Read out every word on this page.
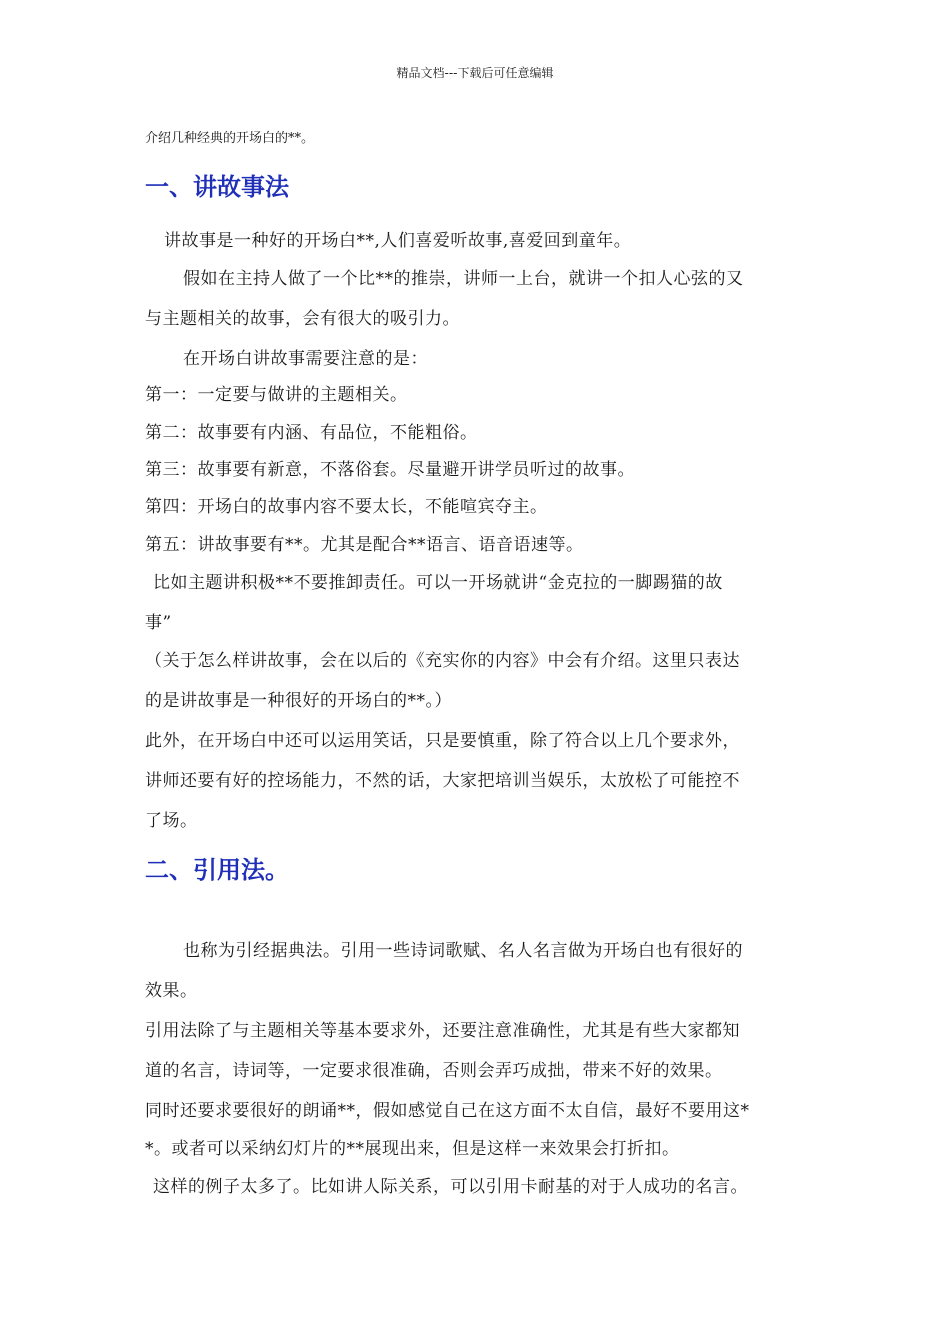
精品文档---下载后可任意编辑
介绍几种经典的开场白的**。
一、讲故事法
讲故事是一种好的开场白**,人们喜爱听故事,喜爱回到童年。
假如在主持人做了一个比**的推崇，讲师一上台，就讲一个扣人心弦的又
与主题相关的故事，会有很大的吸引力。
在开场白讲故事需要注意的是：
第一：一定要与做讲的主题相关。
第二：故事要有内涵、有品位，不能粗俗。
第三：故事要有新意，不落俗套。尽量避开讲学员听过的故事。
第四：开场白的故事内容不要太长，不能喧宾夺主。
第五：讲故事要有**。尤其是配合**语言、语音语速等。
比如主题讲积极**不要推卸责任。可以一开场就讲“金克拉的一脚踢猫的故
事”
（关于怎么样讲故事，会在以后的《充实你的内容》中会有介绍。这里只表达
的是讲故事是一种很好的开场白的**。）
此外，在开场白中还可以运用笑话，只是要慎重，除了符合以上几个要求外，
讲师还要有好的控场能力，不然的话，大家把培训当娱乐，太放松了可能控不
了场。
二、引用法。
也称为引经据典法。引用一些诗词歌赋、名人名言做为开场白也有很好的
效果。
引用法除了与主题相关等基本要求外，还要注意准确性，尤其是有些大家都知
道的名言，诗词等，一定要求很准确，否则会弄巧成拙，带来不好的效果。
同时还要求要很好的朗诵**，假如感觉自己在这方面不太自信，最好不要用这*
*。或者可以采纳幻灯片的**展现出来，但是这样一来效果会打折扣。
这样的例子太多了。比如讲人际关系，可以引用卡耐基的对于人成功的名言。
